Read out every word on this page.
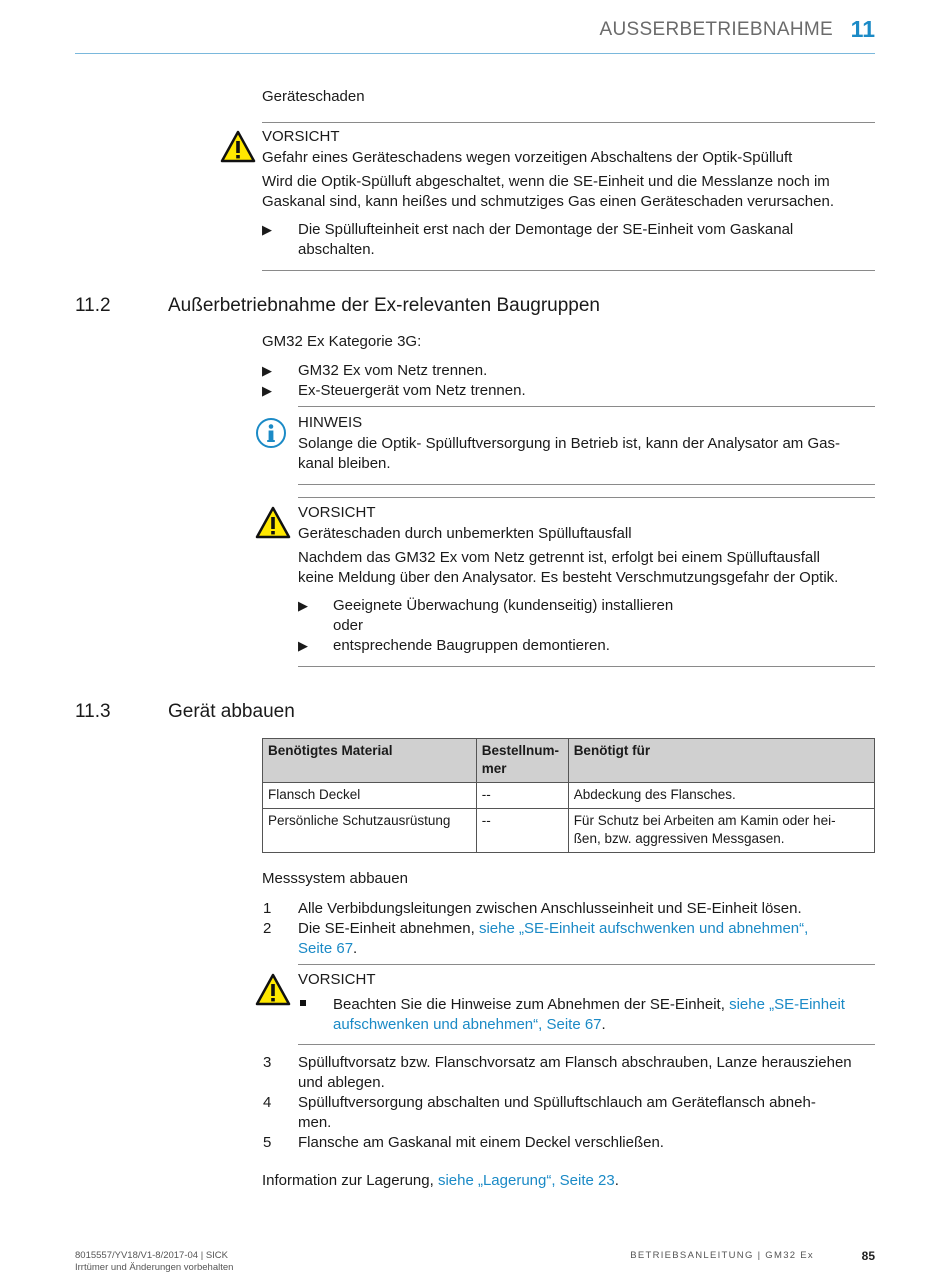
AUSSERBETRIEBNAHME 11
Geräteschaden
VORSICHT
Gefahr eines Geräteschadens wegen vorzeitigen Abschaltens der Optik-Spülluft
Wird die Optik-Spülluft abgeschaltet, wenn die SE-Einheit und die Messlanze noch im
Gaskanal sind, kann heißes und schmutziges Gas einen Geräteschaden verursachen.
▶ Die Spüllufteinheit erst nach der Demontage der SE-Einheit vom Gaskanal
abschalten.
11.2	Außerbetriebnahme der Ex-relevanten Baugruppen
GM32 Ex Kategorie 3G:
▶ GM32 Ex vom Netz trennen.
▶ Ex-Steuergerät vom Netz trennen.
HINWEIS
Solange die Optik- Spülluftversorgung in Betrieb ist, kann der Analysator am Gas-
kanal bleiben.
VORSICHT
Geräteschaden durch unbemerkten Spülluftausfall
Nachdem das GM32 Ex vom Netz getrennt ist, erfolgt bei einem Spülluftausfall
keine Meldung über den Analysator. Es besteht Verschmutzungsgefahr der Optik.
▶ Geeignete Überwachung (kundenseitig) installieren
oder
▶ entsprechende Baugruppen demontieren.
11.3	Gerät abbauen
Benötigtes Material	Bestellnum-
mer	Benötigt für
Flansch Deckel	--	Abdeckung des Flansches.
Persönliche Schutzausrüstung	--	Für Schutz bei Arbeiten am Kamin oder hei-
ßen, bzw. aggressiven Messgasen.
Messsystem abbauen
1 Alle Verbibdungsleitungen zwischen Anschlusseinheit und SE-Einheit lösen.
2 Die SE-Einheit abnehmen, siehe „SE-Einheit aufschwenken und abnehmen“,
Seite 67.
VORSICHT
Beachten Sie die Hinweise zum Abnehmen der SE-Einheit, siehe „SE-Einheit
aufschwenken und abnehmen“, Seite 67.
3 Spülluftvorsatz bzw. Flanschvorsatz am Flansch abschrauben, Lanze herausziehen
und ablegen.
4 Spülluftversorgung abschalten und Spülluftschlauch am Geräteflansch abneh-
men.
5 Flansche am Gaskanal mit einem Deckel verschließen.
Information zur Lagerung, siehe „Lagerung“, Seite 23.
8015557/YV18/V1-8/2017-04 | SICK
Irrtümer und Änderungen vorbehalten
BETRIEBSANLEITUNG | GM32 Ex	85
